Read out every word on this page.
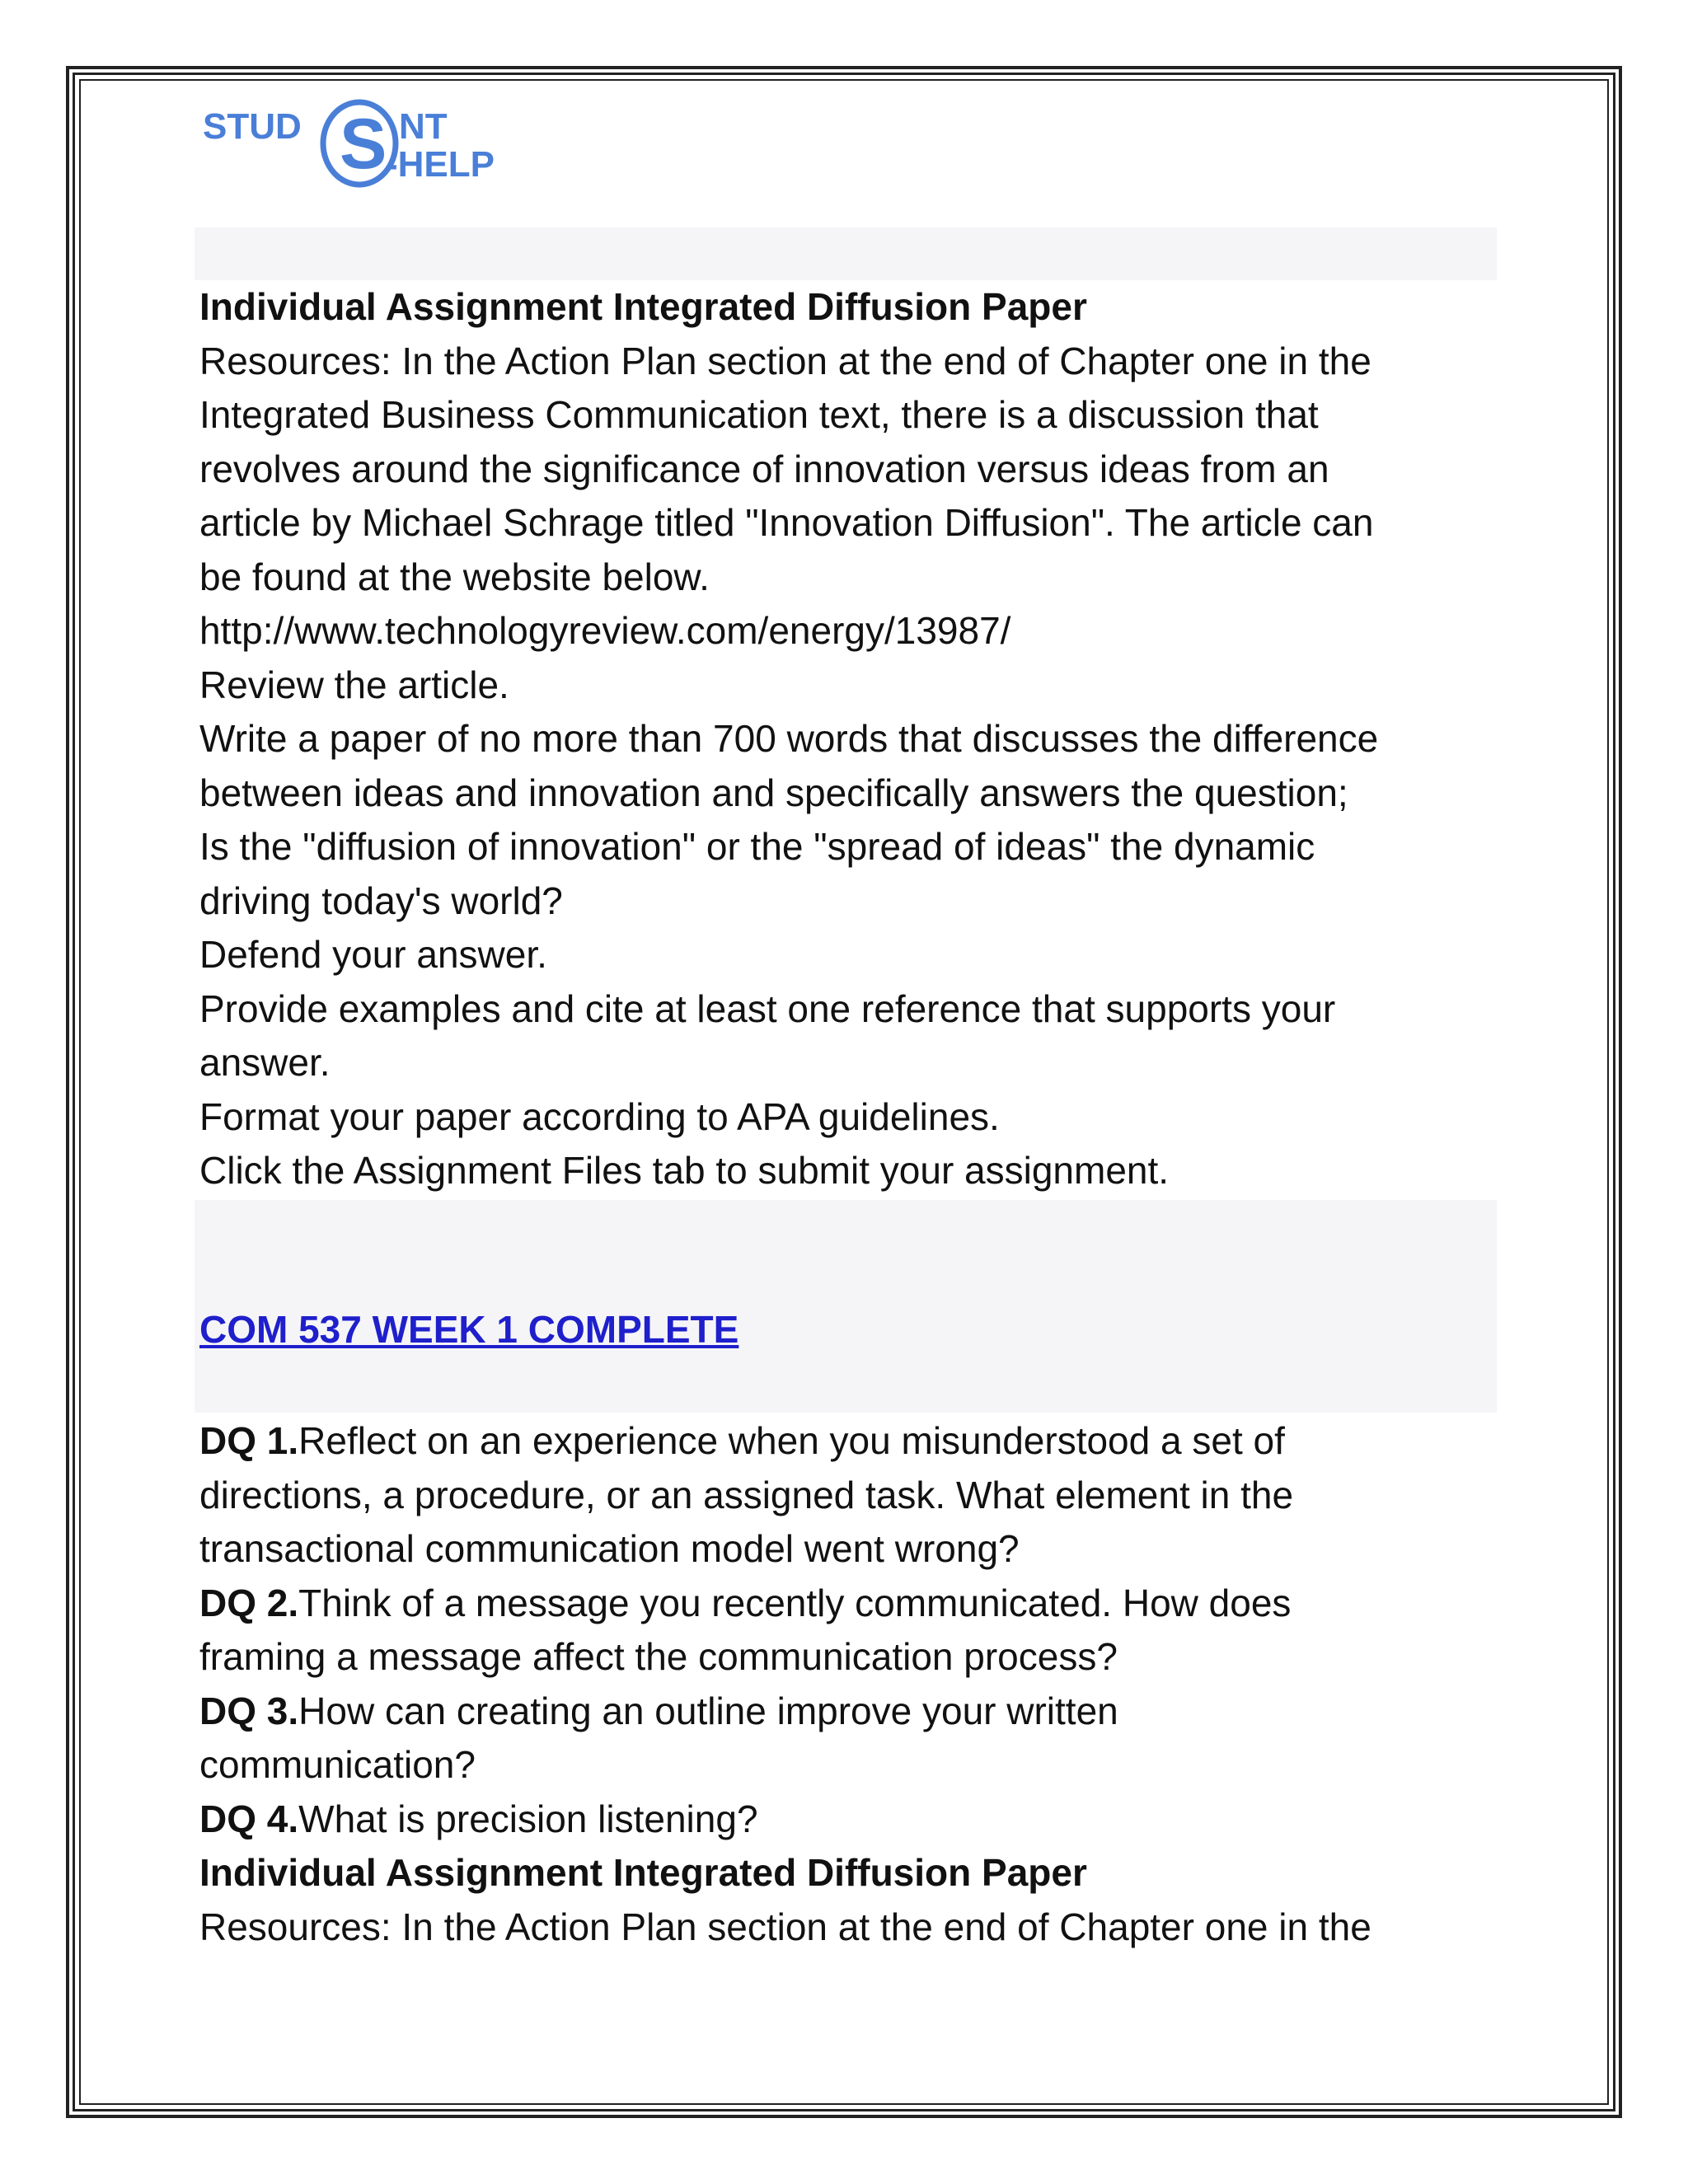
STUD S NT
-HELP

Individual Assignment Integrated Diffusion Paper

Resources: In the Action Plan section at the end of Chapter one in the

Integrated Business Communication text, there is a discussion that

revolves around the significance of innovation versus ideas from an

article by Michael Schrage titled "Innovation Diffusion". The article can

be found at the website below.

http://www.technologyreview.com/energy/13987/

Review the article.

Write a paper of no more than 700 words that discusses the difference

between ideas and innovation and specifically answers the question;

Is the "diffusion of innovation" or the "spread of ideas" the dynamic

driving today's world?

Defend your answer.

Provide examples and cite at least one reference that supports your

answer.

Format your paper according to APA guidelines.

Click the Assignment Files tab to submit your assignment.

COM 537 WEEK 1 COMPLETE

DQ 1.Reflect on an experience when you misunderstood a set of

directions, a procedure, or an assigned task. What element in the

transactional communication model went wrong?

DQ 2.Think of a message you recently communicated. How does

framing a message affect the communication process?

DQ 3.How can creating an outline improve your written

communication?

DQ 4.What is precision listening?

Individual Assignment Integrated Diffusion Paper

Resources: In the Action Plan section at the end of Chapter one in the
